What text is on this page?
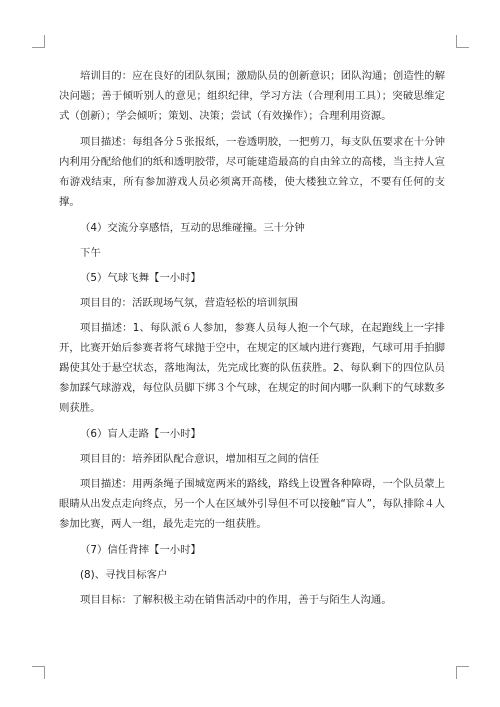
培训目的：应在良好的团队氛围；激励队员的创新意识；团队沟通；创造性的解决问题；善于倾听别人的意见；组织纪律，学习方法（合理利用工具）；突破思维定式（创新）；学会倾听；策划、决策；尝试（有效操作）；合理利用资源。

项目描述：每组各分５张报纸，一卷透明胶，一把剪刀，每支队伍要求在十分钟内利用分配给他们的纸和透明胶带，尽可能建造最高的自由耸立的高楼，当主持人宣布游戏结束，所有参加游戏人员必须离开高楼，使大楼独立耸立，不要有任何的支撑。

（4）交流分享感悟，互动的思维碰撞。三十分钟

下午

（5）气球飞舞【一小时】

项目目的：活跃现场气氛，营造轻松的培训氛围

项目描述：1、每队派６人参加，参赛人员每人抱一个气球，在起跑线上一字排开，比赛开始后参赛者将气球抛于空中，在规定的区域内进行赛跑，气球可用手拍脚踢使其处于悬空状态，落地淘汰，先完成比赛的队伍获胜。2、每队剩下的四位队员参加踩气球游戏，每位队员脚下绑３个气球，在规定的时间内哪一队剩下的气球数多则获胜。

（6）盲人走路【一小时】

项目目的：培养团队配合意识，增加相互之间的信任

项目描述：用两条绳子围城宽两米的路线，路线上设置各种障碍，一个队员蒙上眼睛从出发点走向终点，另一个人在区域外引导但不可以接触“盲人”，每队排除４人参加比赛，两人一组，最先走完的一组获胜。

（7）信任背摔【一小时】

(8)、寻找目标客户

项目目标：了解积极主动在销售活动中的作用，善于与陌生人沟通。
